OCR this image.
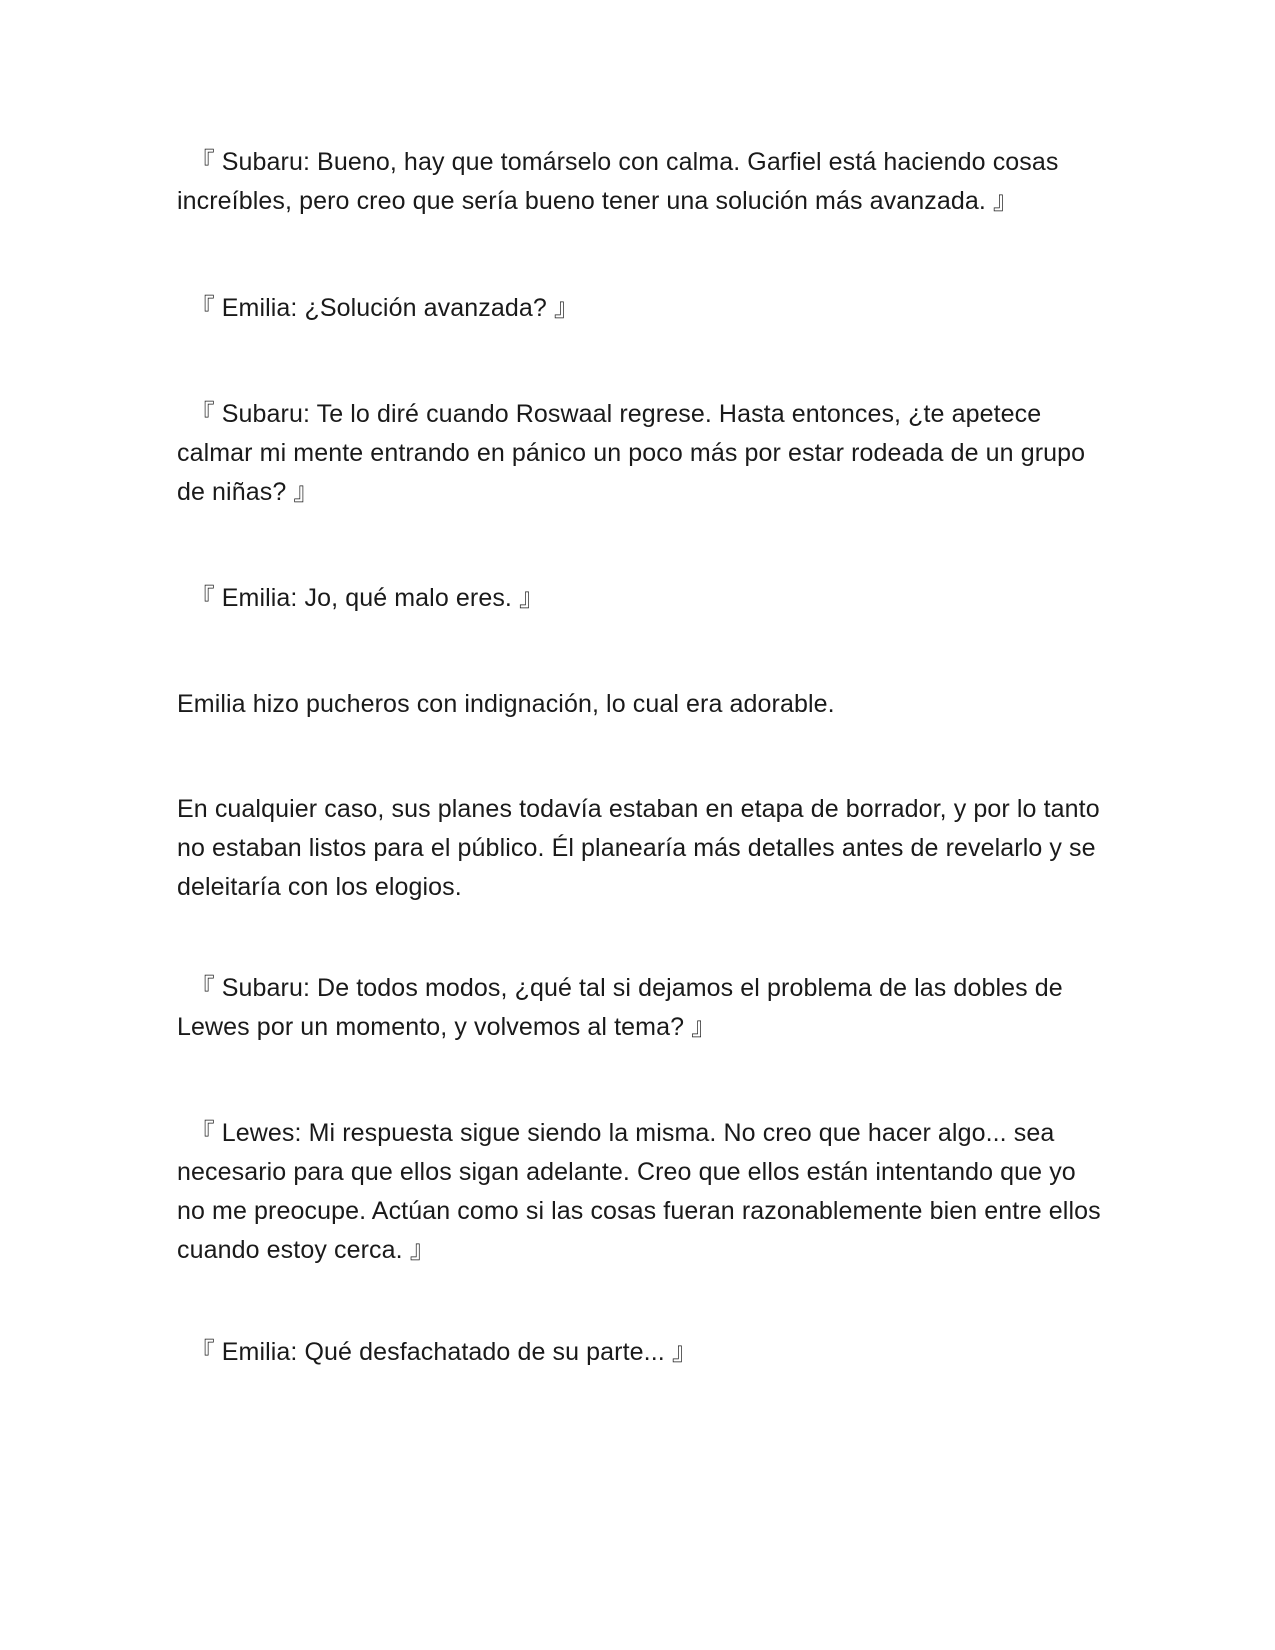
　『 Subaru: Bueno, hay que tomárselo con calma. Garfiel está haciendo cosas increíbles, pero creo que sería bueno tener una solución más avanzada. 』

　『 Emilia: ¿Solución avanzada? 』

　『 Subaru: Te lo diré cuando Roswaal regrese. Hasta entonces, ¿te apetece calmar mi mente entrando en pánico un poco más por estar rodeada de un grupo de niñas? 』

　『 Emilia: Jo, qué malo eres. 』

Emilia hizo pucheros con indignación, lo cual era adorable.

En cualquier caso, sus planes todavía estaban en etapa de borrador, y por lo tanto no estaban listos para el público. Él planearía más detalles antes de revelarlo y se deleitaría con los elogios.

　『 Subaru: De todos modos, ¿qué tal si dejamos el problema de las dobles de Lewes por un momento, y volvemos al tema? 』

　『 Lewes: Mi respuesta sigue siendo la misma. No creo que hacer algo... sea necesario para que ellos sigan adelante. Creo que ellos están intentando que yo no me preocupe. Actúan como si las cosas fueran razonablemente bien entre ellos cuando estoy cerca. 』

　『 Emilia: Qué desfachatado de su parte... 』
